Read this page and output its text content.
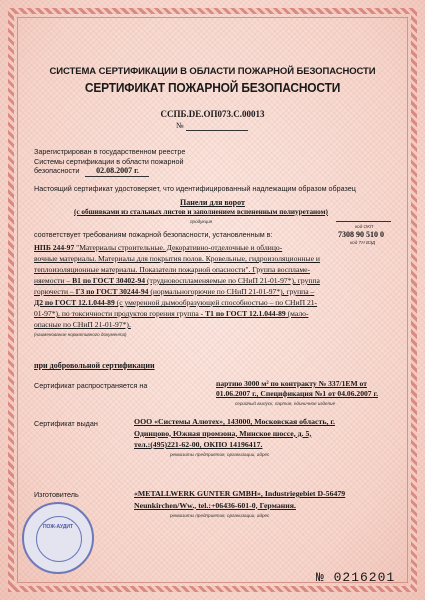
СИСТЕМА СЕРТИФИКАЦИИ В ОБЛАСТИ ПОЖАРНОЙ БЕЗОПАСНОСТИ
СЕРТИФИКАТ ПОЖАРНОЙ БЕЗОПАСНОСТИ
ССПБ.DE.ОП073.С.00013
№
Зарегистрирован в государственном реестре
Системы сертификации в области пожарной
безопасности 02.08.2007 г.
Настоящий сертификат удостоверяет, что идентифицированный надлежащим образом образец
Панели для ворот
(с обшивками из стальных листов и заполнением вспененным полиуретаном)
продукция
код ОКП
соответствует требованиям пожарной безопасности, установленным в:	7308 90 510 0
код ТН ВЭД
НПБ 244-97 "Материалы строительные. Декоративно-отделочные и облицо-
вочные материалы. Материалы для покрытия полов. Кровельные, гидроизоляционные и
теплоизоляционные материалы. Показатели пожарной опасности". Группа воспламе-
няемости – В1 по ГОСТ 30402-94 (трудновоспламеняемые по СНиП 21-01-97*), группа
горючести – Г3 по ГОСТ 30244-94 (нормальногорючие по СНиП 21-01-97*), группа –
Д2 по ГОСТ 12.1.044-89 (с умеренной дымообразующей способностью – по СНиП 21-
01-97*), по токсичности продуктов горения группа - Т1 по ГОСТ 12.1.044-89 (мало-
опасные по СНиП 21-01-97*).
(наименование нормативного документа)
при добровольной сертификации
Сертификат распространяется на	партию 3000 м² по контракту № 337/1ЕМ от
01.06.2007 г., Спецификация №1 от 04.06.2007 г.
серийный выпуск, партия, единичное изделие
Сертификат выдан	ООО «Системы Алютех», 143000, Московская область, г.
Одинцово, Южная промзона, Минское шоссе, д. 5,
тел.:(495)221-62-00, ОКПО 14196417.
реквизиты предприятия, организации, адрес
Изготовитель	«METALLWERK GUNTER GMBH», Industriegebiet D-56479
Neunkirchen/Ww., tel.:+06436-601-0, Германия.
реквизиты предприятия, организации, адрес
ПОЖ-АУДИТ
№ 0216201
